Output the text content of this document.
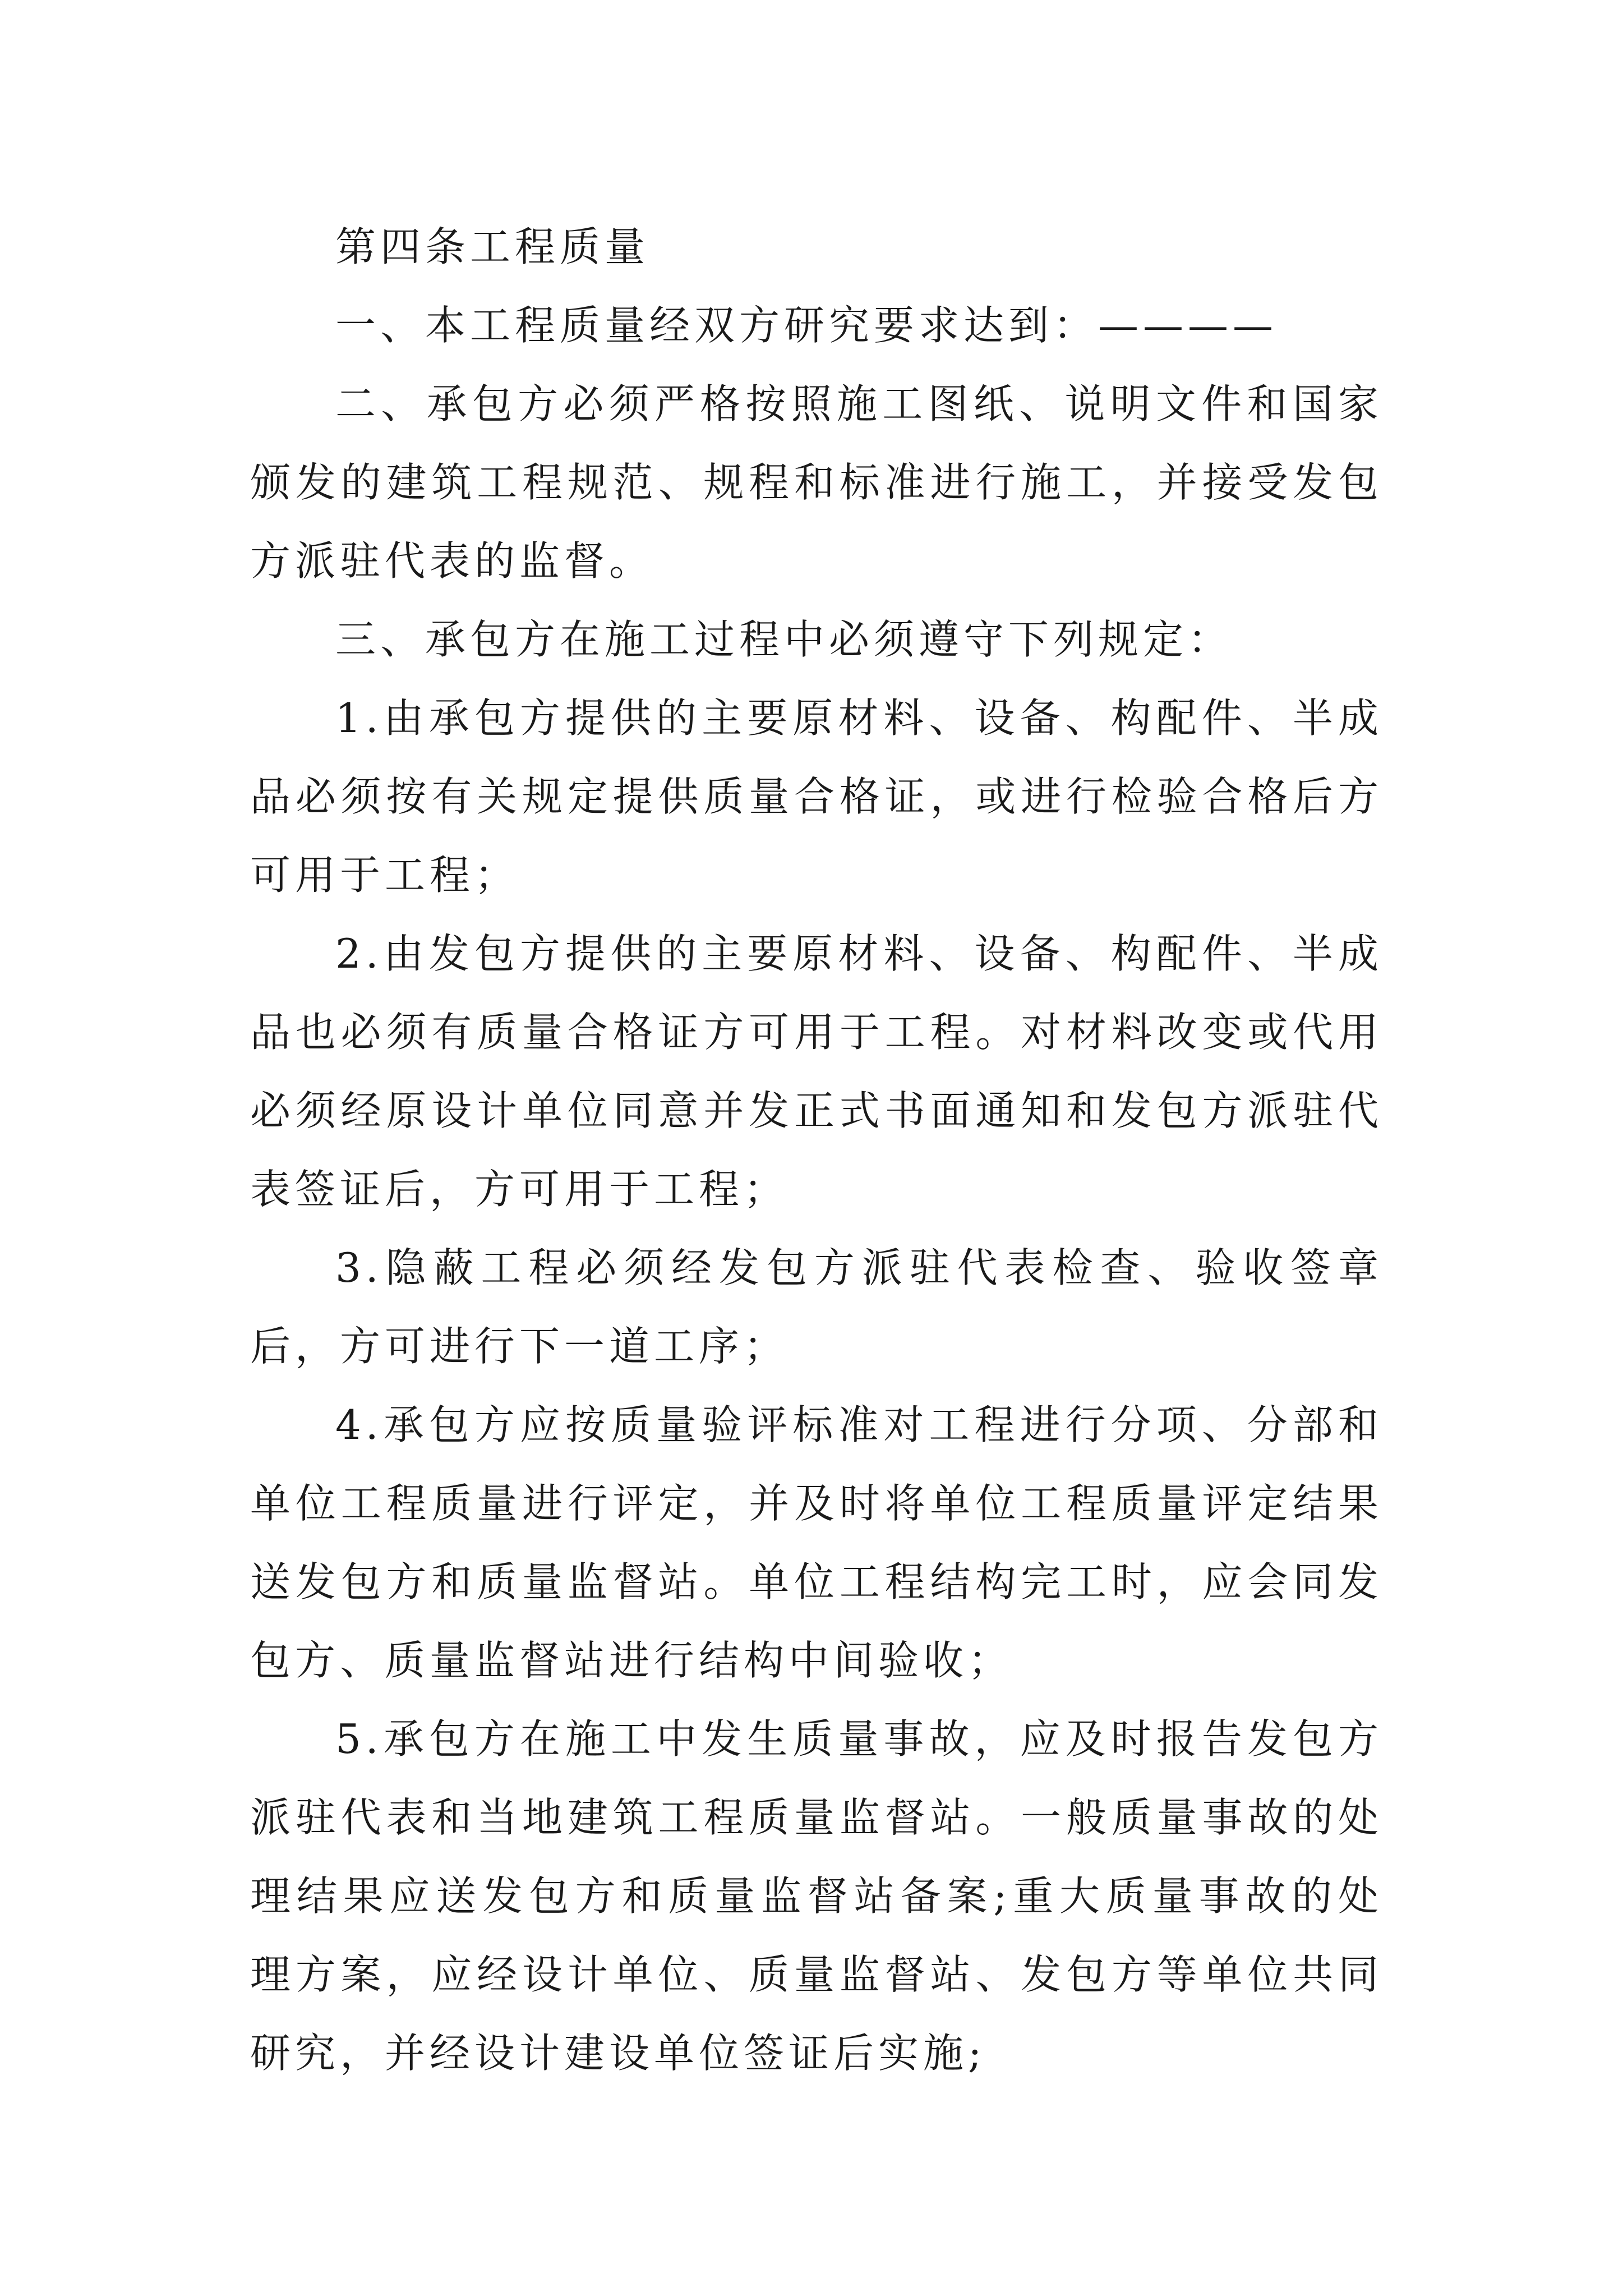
第四条工程质量

一、本工程质量经双方研究要求达到：————

二、承包方必须严格按照施工图纸、说明文件和国家颁发的建筑工程规范、规程和标准进行施工，并接受发包方派驻代表的监督。

三、承包方在施工过程中必须遵守下列规定：

1.由承包方提供的主要原材料、设备、构配件、半成品必须按有关规定提供质量合格证，或进行检验合格后方可用于工程；

2.由发包方提供的主要原材料、设备、构配件、半成品也必须有质量合格证方可用于工程。对材料改变或代用必须经原设计单位同意并发正式书面通知和发包方派驻代表签证后，方可用于工程；

3.隐蔽工程必须经发包方派驻代表检查、验收签章后，方可进行下一道工序；

4.承包方应按质量验评标准对工程进行分项、分部和单位工程质量进行评定，并及时将单位工程质量评定结果送发包方和质量监督站。单位工程结构完工时，应会同发包方、质量监督站进行结构中间验收；

5.承包方在施工中发生质量事故，应及时报告发包方派驻代表和当地建筑工程质量监督站。一般质量事故的处理结果应送发包方和质量监督站备案;重大质量事故的处理方案，应经设计单位、质量监督站、发包方等单位共同研究，并经设计建设单位签证后实施;
